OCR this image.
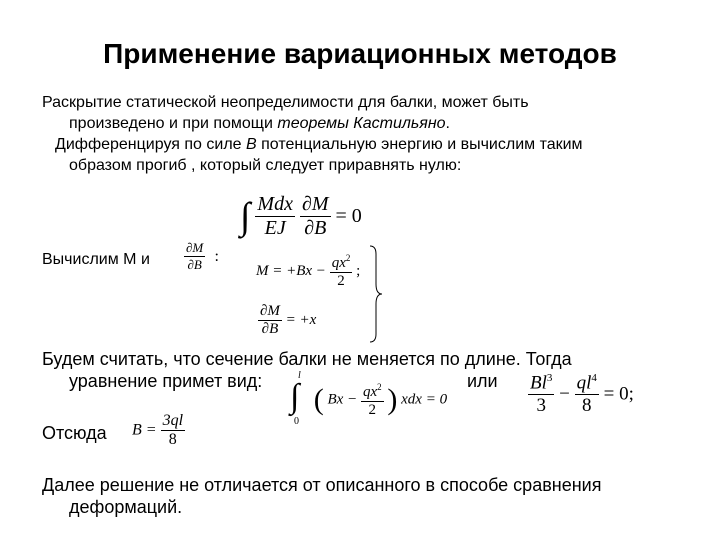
Применение вариационных методов
Раскрытие статической неопределимости для балки, может быть
произведено и при помощи теоремы Кастильяно.
Дифференцируя по силе В потенциальную энергию и вычислим таким
образом прогиб , который следует приравнять нулю:
∫ $\frac{\text{Mdx}}{EJ}$
$\frac{\partial M}{\partial B} = 0$
Вычислим М и	$\frac{\partial M}{\partial B}$ :
$M = +Bx - \frac{qx^2}{2}$ ;
$\frac{\partial M}{\partial B} = +x$
Будем считать, что сечение балки не меняется по длине. Тогда
уравнение примет вид:	или
l
∫
0
( $Bx - \frac{qx^2}{2}$ ) xdx = 0	$\frac{Bl^3}{3} - \frac{ql^4}{8} = 0$;
Отсюда $B = \frac{3ql}{8}$
Далее решение не отличается от описанного в способе сравнения
деформаций.
